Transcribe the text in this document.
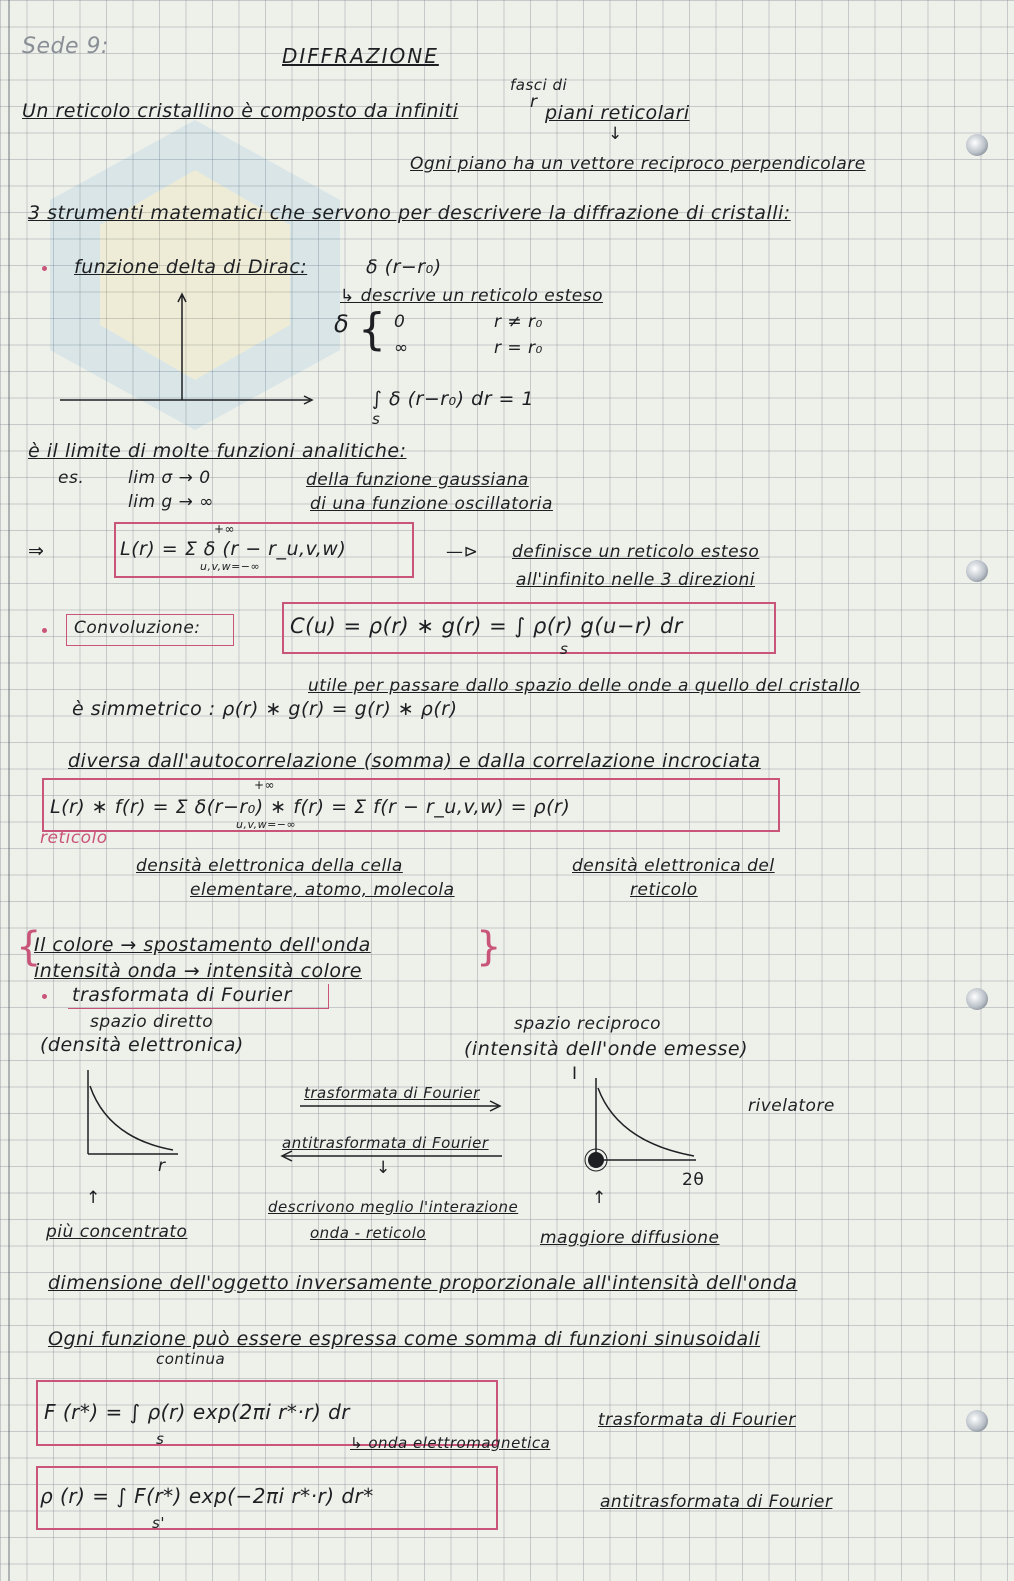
Sede 9:	DIFFRAZIONE
fasci di
Un reticolo cristallino è composto da infiniti	r piani reticolari
↓
Ogni piano ha un vettore reciproco perpendicolare
3 strumenti matematici che servono per descrivere la diffrazione di cristalli:
funzione delta di Dirac:	δ (r−r₀)
↳ descrive un reticolo esteso
δ { 0	r ≠ r₀
∞	r = r₀
∫ δ (r−r₀) dr = 1
s
è il limite di molte funzioni analitiche:
es.	lim σ → 0	della funzione gaussiana
lim g → ∞	di una funzione oscillatoria
⇒
+∞
L(r) = Σ δ (r − r_u,v,w)
u,v,w=−∞
—⊳ definisce un reticolo esteso
all'infinito nelle 3 direzioni
Convoluzione:	C(u) = ρ(r) ∗ g(r) = ∫ ρ(r) g(u−r) dr
s
utile per passare dallo spazio delle onde a quello del cristallo
è simmetrico : ρ(r) ∗ g(r) = g(r) ∗ ρ(r)
diversa dall'autocorrelazione (somma) e dalla correlazione incrociata
+∞
L(r) ∗ f(r) = Σ δ(r−r₀) ∗ f(r) = Σ f(r − r_u,v,w) = ρ(r)
u,v,w=−∞
reticolo
densità elettronica della cella
elementare, atomo, molecola
densità elettronica del
reticolo
{
Il colore → spostamento dell'onda
intensità onda → intensità colore
}
trasformata di Fourier
spazio diretto
(densità elettronica)
spazio reciproco
(intensità dell'onde emesse)
r
trasformata di Fourier
antitrasformata di Fourier
↓
I
2θ
rivelatore
↑	↑
descrivono meglio l'interazione
onda - reticolo
più concentrato	maggiore diffusione
dimensione dell'oggetto inversamente proporzionale all'intensità dell'onda
Ogni funzione può essere espressa come somma di funzioni sinusoidali
continua
F (r*) = ∫ ρ(r) exp(2πi r*·r) dr
s	↳ onda elettromagnetica
trasformata di Fourier
ρ (r) = ∫ F(r*) exp(−2πi r*·r) dr*
s'
antitrasformata di Fourier
